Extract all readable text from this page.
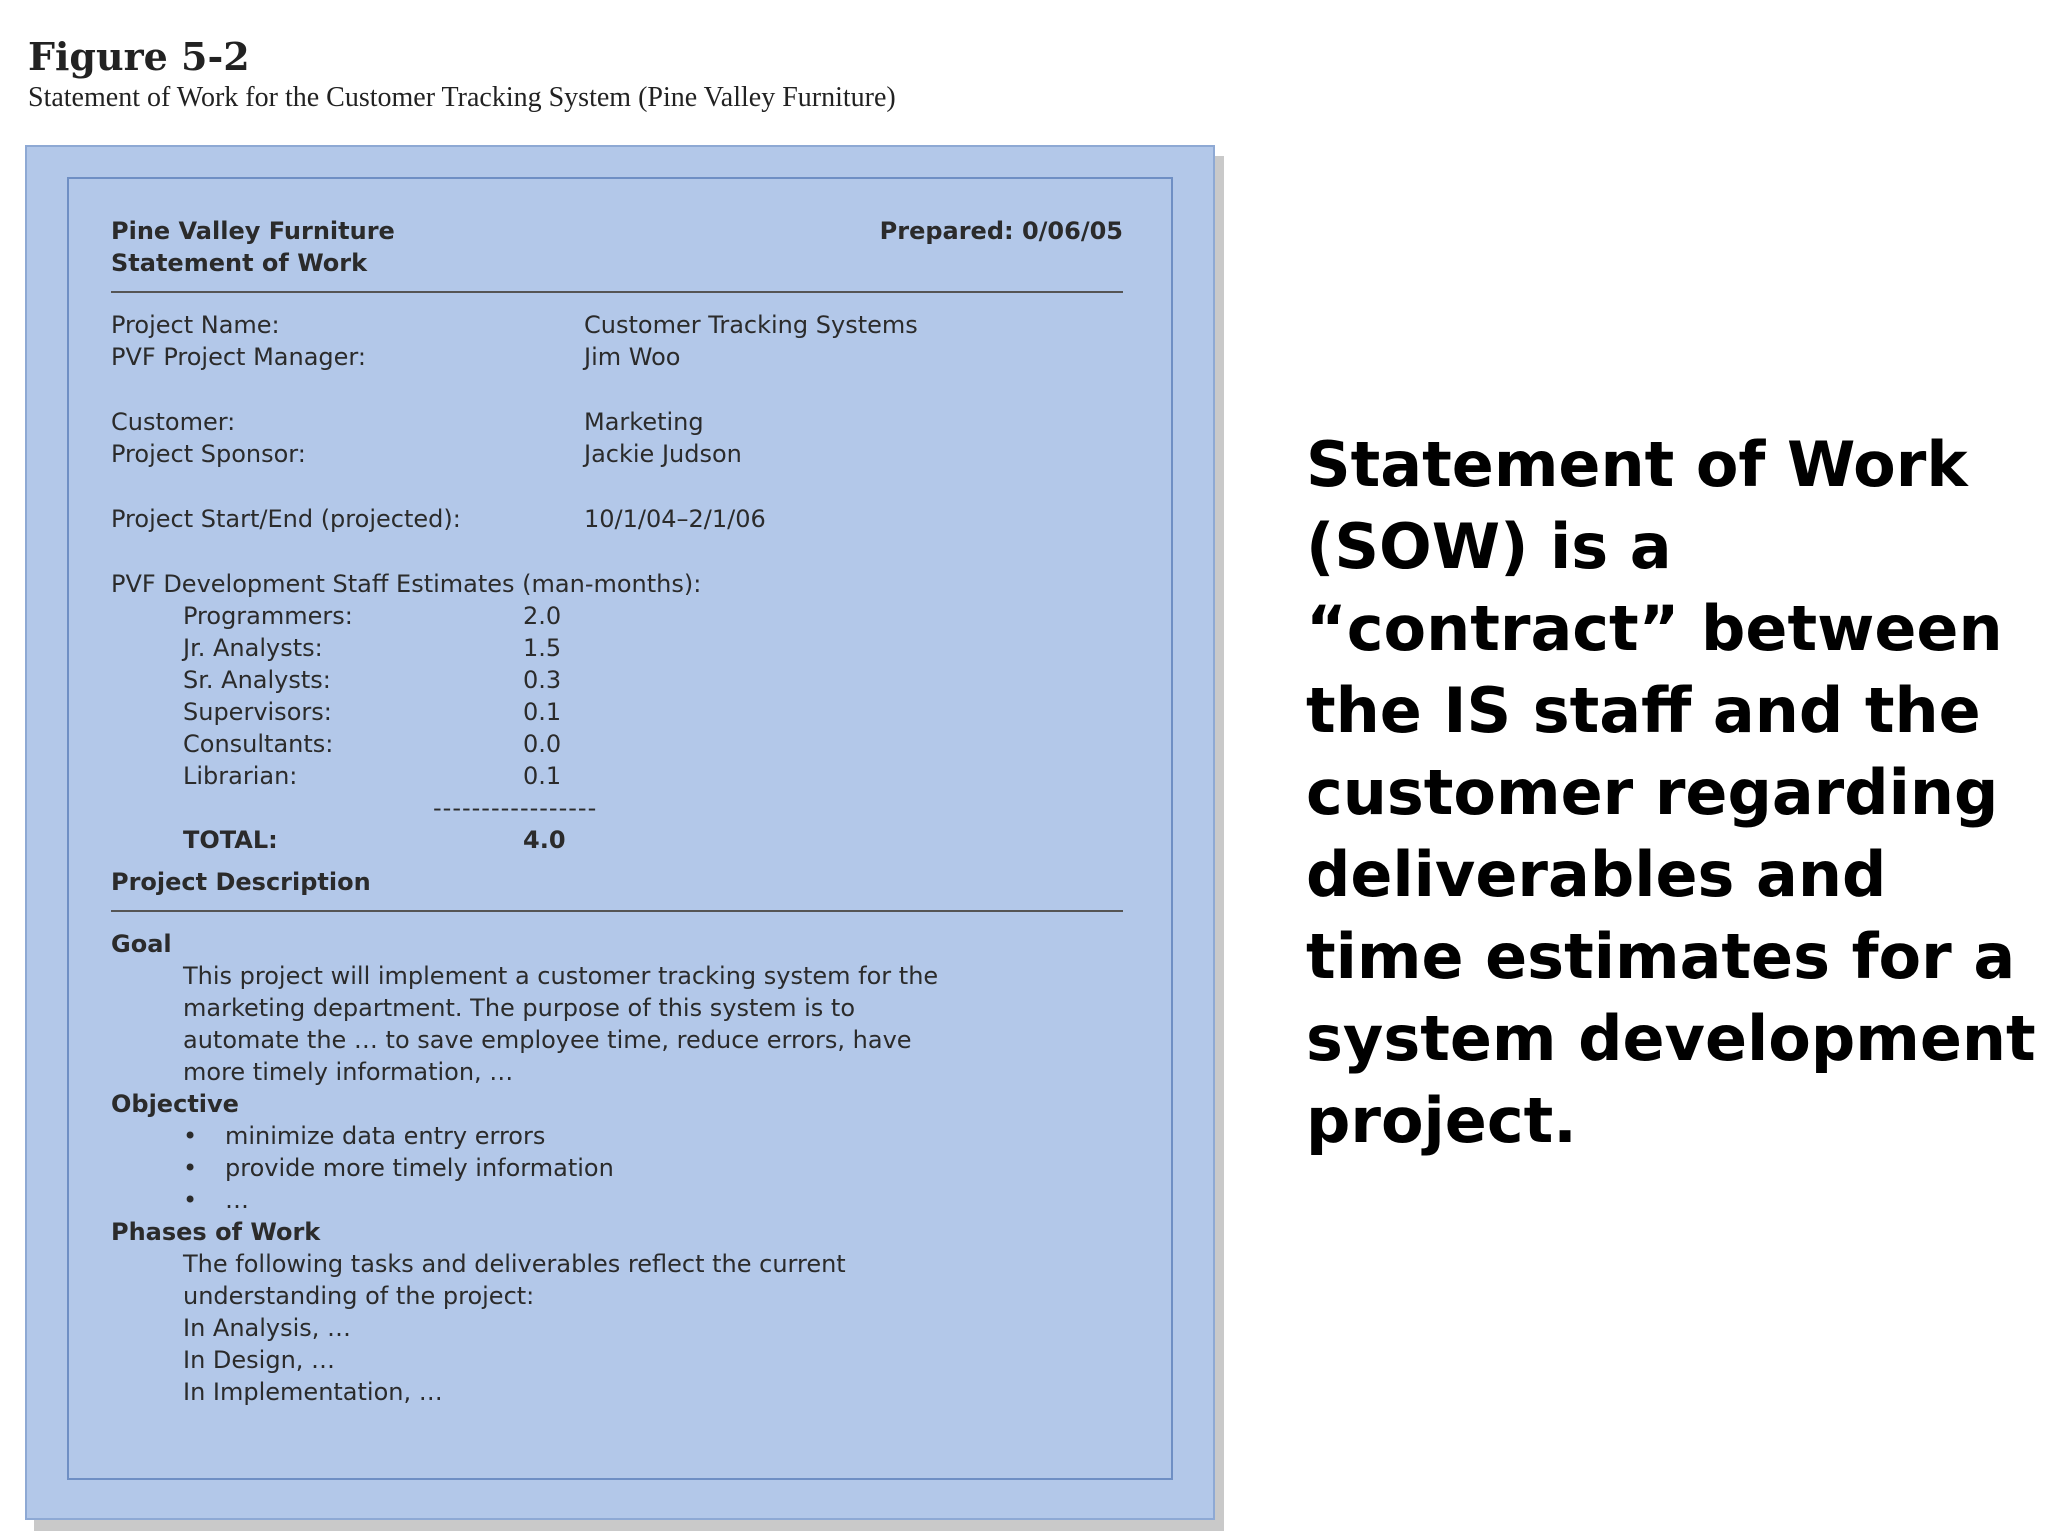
Figure 5-2
Statement of Work for the Customer Tracking System (Pine Valley Furniture)
Pine Valley Furniture	Prepared: 0/06/05
Statement of Work
Project Name:	Customer Tracking Systems
PVF Project Manager:	Jim Woo
Customer:	Marketing
Project Sponsor:	Jackie Judson
Project Start/End (projected):	10/1/04–2/1/06
PVF Development Staff Estimates (man-months):
Programmers:	2.0
Jr. Analysts:	1.5
Sr. Analysts:	0.3
Supervisors:	0.1
Consultants:	0.0
Librarian:	0.1
-----------------
TOTAL:	4.0
Project Description
Goal
This project will implement a customer tracking system for the
marketing department. The purpose of this system is to
automate the … to save employee time, reduce errors, have
more timely information, …
Objective
• minimize data entry errors
• provide more timely information
• …
Phases of Work
The following tasks and deliverables reflect the current
understanding of the project:
In Analysis, …
In Design, …
In Implementation, …
Statement of Work
(SOW) is a
“contract” between
the IS staff and the
customer regarding
deliverables and
time estimates for a
system development
project.
